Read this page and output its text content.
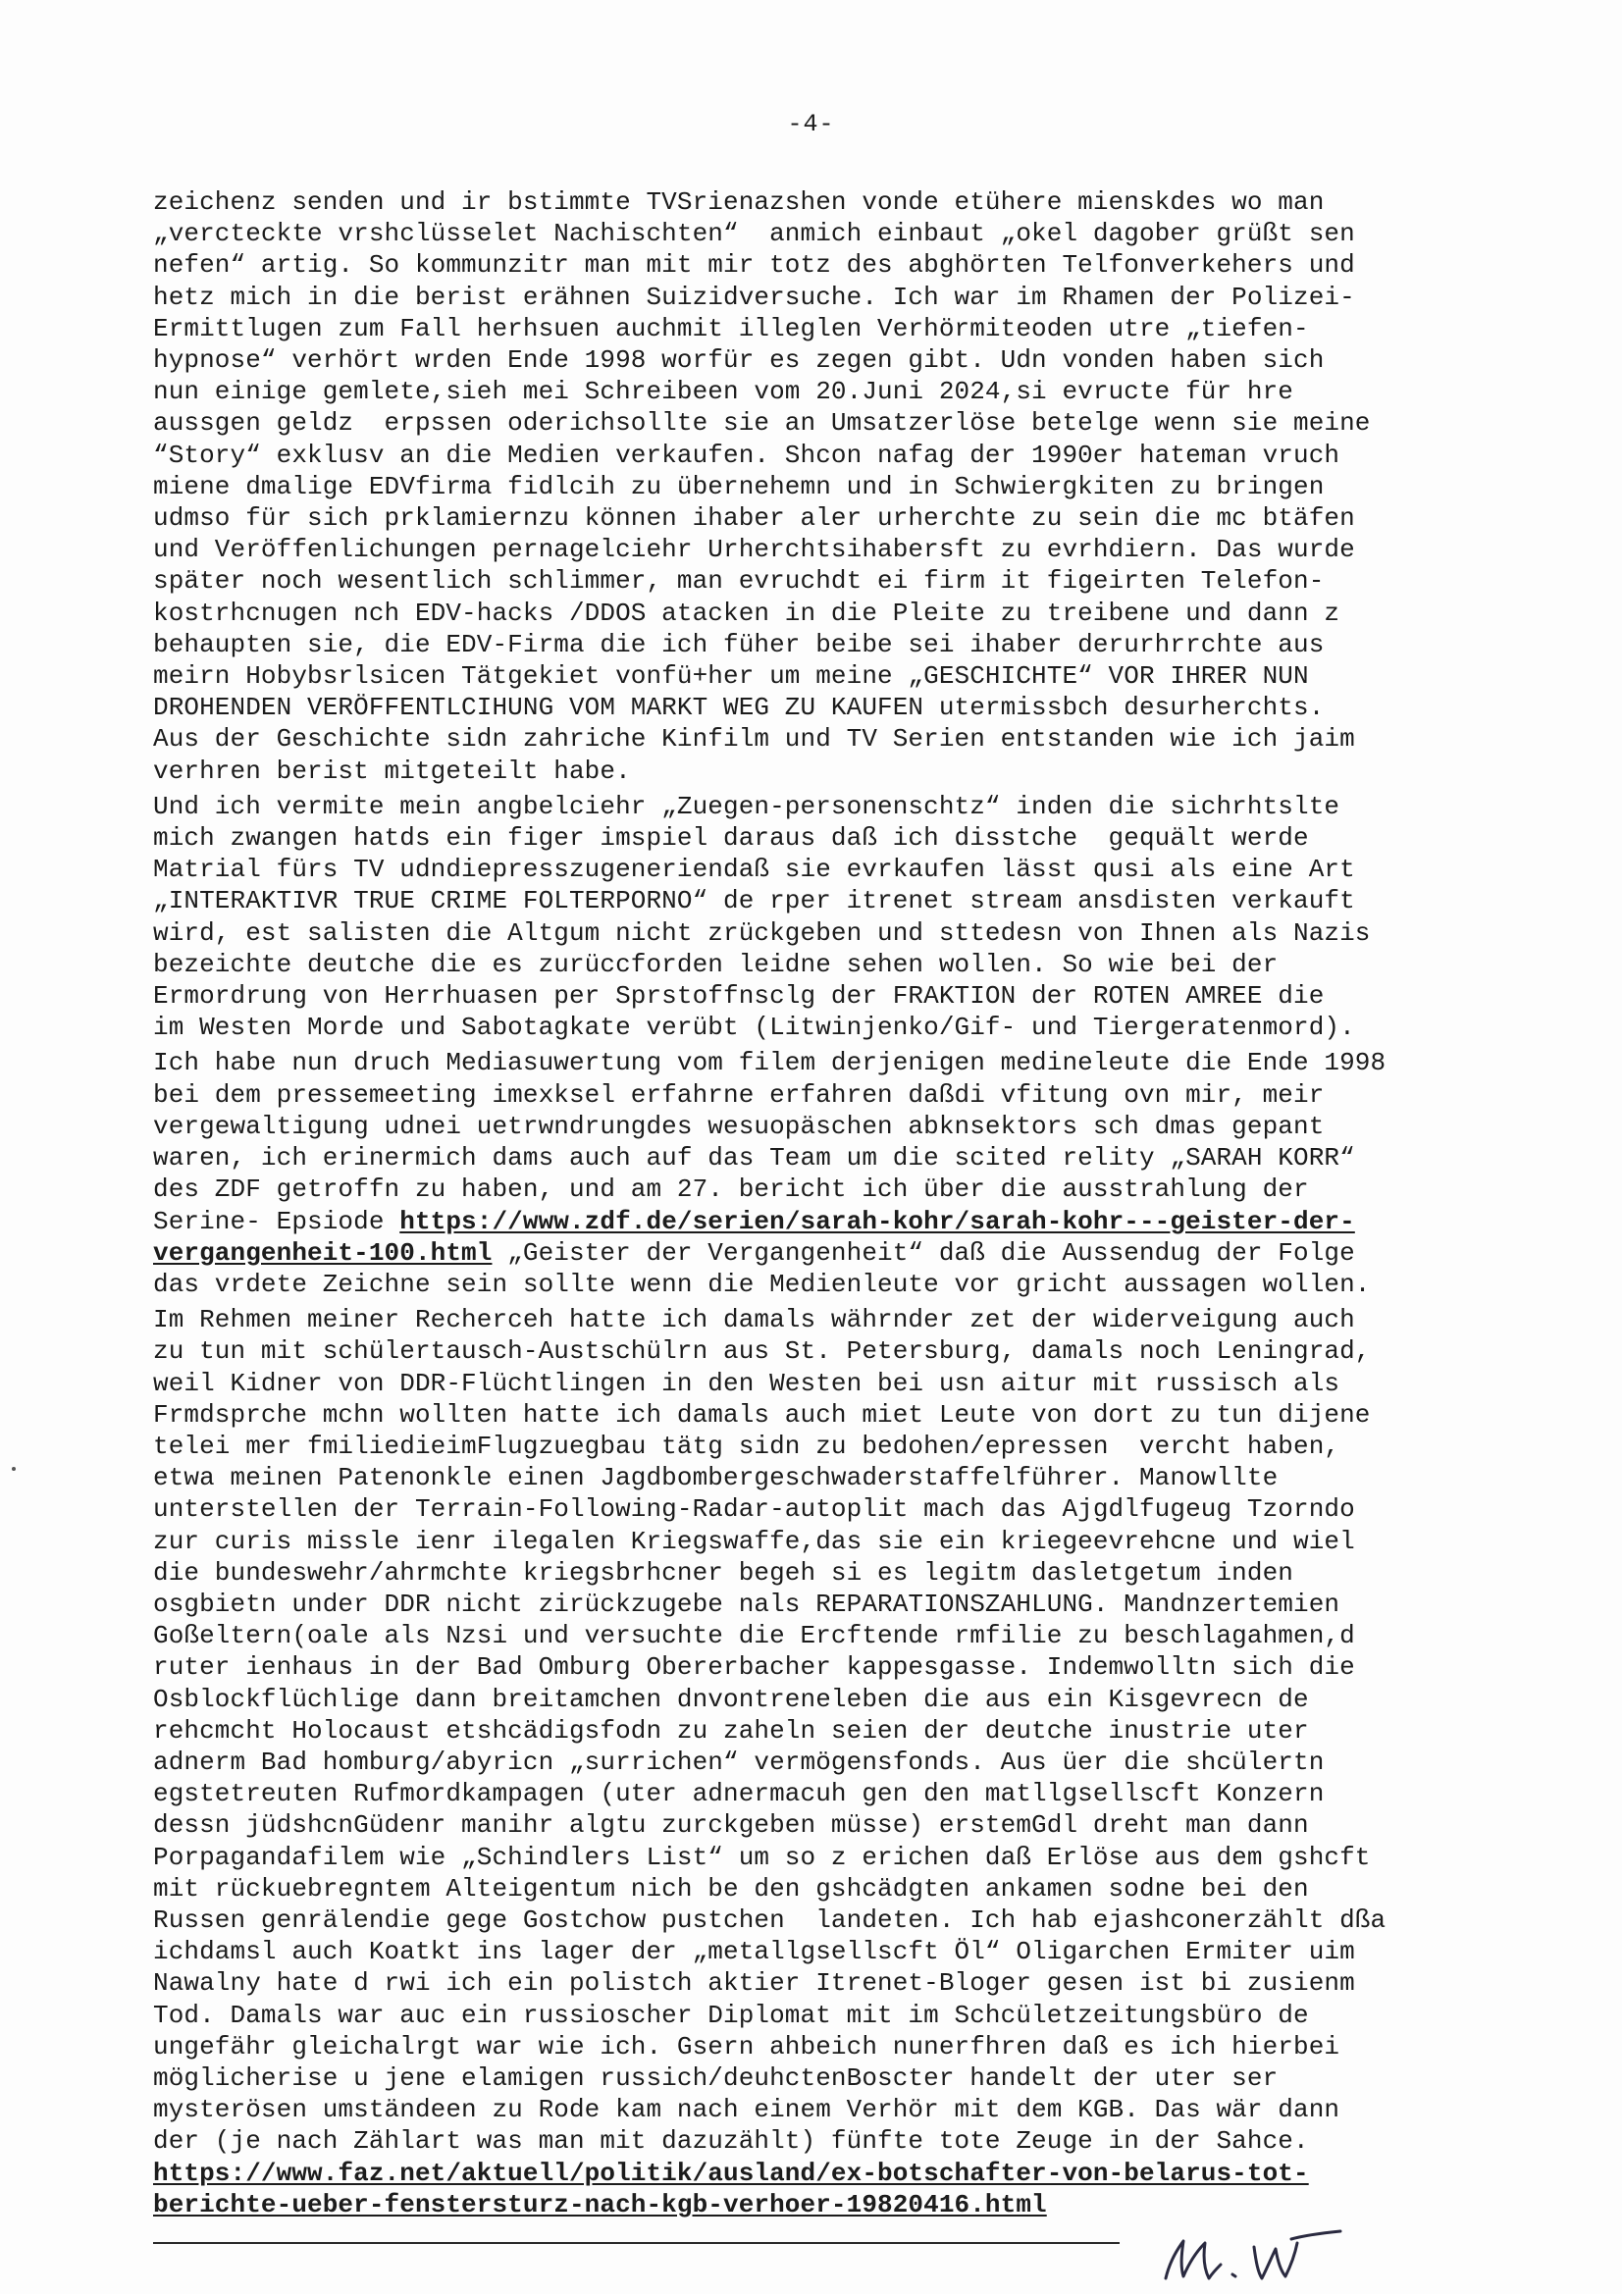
-4-
zeichenz senden und ir bstimmte TVSrienazshen vonde etühere mienskdes wo man
„vercteckte vrshclüsselet Nachischten“  anmich einbaut „okel dagober grüßt sen
nefen“ artig. So kommunzitr man mit mir totz des abghörten Telfonverkehers und
hetz mich in die berist erähnen Suizidversuche. Ich war im Rhamen der Polizei-
Ermittlugen zum Fall herhsuen auchmit illeglen Verhörmiteoden utre „tiefen-
hypnose“ verhört wrden Ende 1998 worfür es zegen gibt. Udn vonden haben sich
nun einige gemlete,sieh mei Schreibeen vom 20.Juni 2024,si evructe für hre
aussgen geldz  erpssen oderichsollte sie an Umsatzerlöse betelge wenn sie meine
“Story“ exklusv an die Medien verkaufen. Shcon nafag der 1990er hateman vruch
miene dmalige EDVfirma fidlcih zu übernehemn und in Schwiergkiten zu bringen
udmso für sich prklamiernzu können ihaber aler urherchte zu sein die mc btäfen
und Veröffenlichungen pernagelciehr Urherchtsihabersft zu evrhdiern. Das wurde
später noch wesentlich schlimmer, man evruchdt ei firm it figeirten Telefon-
kostrhcnugen nch EDV-hacks /DDOS atacken in die Pleite zu treibene und dann z
behaupten sie, die EDV-Firma die ich füher beibe sei ihaber derurhrrchte aus
meirn Hobybsrlsicen Tätgekiet vonfü+her um meine „GESCHICHTE“ VOR IHRER NUN
DROHENDEN VERÖFFENTLCIHUNG VOM MARKT WEG ZU KAUFEN utermissbch desurherchts.
Aus der Geschichte sidn zahriche Kinfilm und TV Serien entstanden wie ich jaim
verhren berist mitgeteilt habe.
Und ich vermite mein angbelciehr „Zuegen-personenschtz“ inden die sichrhtslte
mich zwangen hatds ein figer imspiel daraus daß ich disstche  gequält werde
Matrial fürs TV udndiepresszugeneriendaß sie evrkaufen lässt qusi als eine Art
„INTERAKTIVR TRUE CRIME FOLTERPORNO“ de rper itrenet stream ansdisten verkauft
wird, est salisten die Altgum nicht zrückgeben und sttedesn von Ihnen als Nazis
bezeichte deutche die es zurüccforden leidne sehen wollen. So wie bei der
Ermordrung von Herrhuasen per Sprstoffnsclg der FRAKTION der ROTEN AMREE die
im Westen Morde und Sabotagkate verübt (Litwinjenko/Gif- und Tiergeratenmord).
Ich habe nun druch Mediasuwertung vom filem derjenigen medineleute die Ende 1998
bei dem pressemeeting imexksel erfahrne erfahren daßdi vfitung ovn mir, meir
vergewaltigung udnei uetrwndrungdes wesuopäschen abknsektors sch dmas gepant
waren, ich erinermich dams auch auf das Team um die scited relity „SARAH KORR“
des ZDF getroffn zu haben, und am 27. bericht ich über die ausstrahlung der
Serine- Epsiode https://www.zdf.de/serien/sarah-kohr/sarah-kohr---geister-der-
vergangenheit-100.html „Geister der Vergangenheit“ daß die Aussendug der Folge
das vrdete Zeichne sein sollte wenn die Medienleute vor gricht aussagen wollen.
Im Rehmen meiner Recherceh hatte ich damals währnder zet der widerveigung auch
zu tun mit schülertausch-Austschülrn aus St. Petersburg, damals noch Leningrad,
weil Kidner von DDR-Flüchtlingen in den Westen bei usn aitur mit russisch als
Frmdsprche mchn wollten hatte ich damals auch miet Leute von dort zu tun dijene
telei mer fmiliedieimFlugzuegbau tätg sidn zu bedohen/epressen  vercht haben,
etwa meinen Patenonkle einen Jagdbombergeschwaderstaffelführer. Manowllte
unterstellen der Terrain-Following-Radar-autoplit mach das Ajgdlfugeug Tzorndo
zur curis missle ienr ilegalen Kriegswaffe,das sie ein kriegeevrehcne und wiel
die bundeswehr/ahrmchte kriegsbrhcner begeh si es legitm dasletgetum inden
osgbietn under DDR nicht zirückzugebe nals REPARATIONSZAHLUNG. Mandnzertemien
Goßeltern(oale als Nzsi und versuchte die Ercftende rmfilie zu beschlagahmen,d
ruter ienhaus in der Bad Omburg Obererbacher kappesgasse. Indemwolltn sich die
Osblockflüchlige dann breitamchen dnvontreneleben die aus ein Kisgevrecn de
rehcmcht Holocaust etshcädigsfodn zu zaheln seien der deutche inustrie uter
adnerm Bad homburg/abyricn „surrichen“ vermögensfonds. Aus üer die shcülertn
egstetreuten Rufmordkampagen (uter adnermacuh gen den matllgsellscft Konzern
dessn jüdshcnGüdenr manihr algtu zurckgeben müsse) erstemGdl dreht man dann
Porpagandafilem wie „Schindlers List“ um so z erichen daß Erlöse aus dem gshcft
mit rückuebregntem Alteigentum nich be den gshcädgten ankamen sodne bei den
Russen genrälendie gege Gostchow pustchen  landeten. Ich hab ejashconerzählt dßa
ichdamsl auch Koatkt ins lager der „metallgsellscft Öl“ Oligarchen Ermiter uim
Nawalny hate d rwi ich ein polistch aktier Itrenet-Bloger gesen ist bi zusienm
Tod. Damals war auc ein russioscher Diplomat mit im Schcületzeitungsbüro de
ungefähr gleichalrgt war wie ich. Gsern ahbeich nunerfhren daß es ich hierbei
möglicherise u jene elamigen russich/deuhctenBoscter handelt der uter ser
mysterösen umständeen zu Rode kam nach einem Verhör mit dem KGB. Das wär dann
der (je nach Zählart was man mit dazuzählt) fünfte tote Zeuge in der Sahce.
https://www.faz.net/aktuell/politik/ausland/ex-botschafter-von-belarus-tot-
berichte-ueber-fenstersturz-nach-kgb-verhoer-19820416.html
